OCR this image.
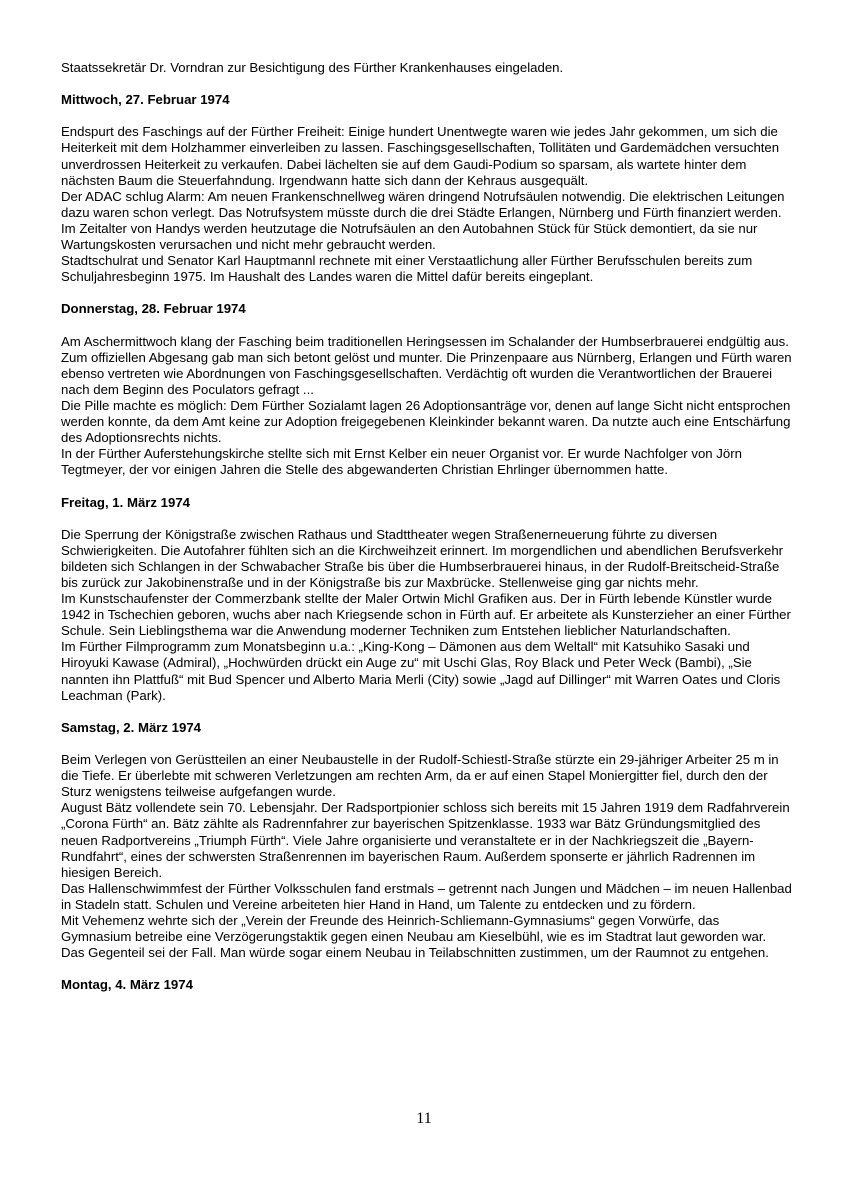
Staatssekretär Dr. Vorndran zur Besichtigung des Fürther Krankenhauses eingeladen.

Mittwoch, 27. Februar 1974

Endspurt des Faschings auf der Fürther Freiheit: Einige hundert Unentwegte waren wie jedes Jahr gekommen, um sich die Heiterkeit mit dem Holzhammer einverleiben zu lassen. Faschingsgesellschaften, Tollitäten und Gardemädchen versuchten unverdrossen Heiterkeit zu verkaufen. Dabei lächelten sie auf dem Gaudi-Podium so sparsam, als wartete hinter dem nächsten Baum die Steuerfahndung. Irgendwann hatte sich dann der Kehraus ausgequält.

Der ADAC schlug Alarm: Am neuen Frankenschnellweg wären dringend Notrufsäulen notwendig. Die elektrischen Leitungen dazu waren schon verlegt. Das Notrufsystem müsste durch die drei Städte Erlangen, Nürnberg und Fürth finanziert werden. Im Zeitalter von Handys werden heutzutage die Notrufsäulen an den Autobahnen Stück für Stück demontiert, da sie nur Wartungskosten verursachen und nicht mehr gebraucht werden.

Stadtschulrat und Senator Karl Hauptmannl rechnete mit einer Verstaatlichung aller Fürther Berufsschulen bereits zum Schuljahresbeginn 1975. Im Haushalt des Landes waren die Mittel dafür bereits eingeplant.

Donnerstag, 28. Februar 1974

Am Aschermittwoch klang der Fasching beim traditionellen Heringsessen im Schalander der Humbserbrauerei endgültig aus. Zum offiziellen Abgesang gab man sich betont gelöst und munter. Die Prinzenpaare aus Nürnberg, Erlangen und Fürth waren ebenso vertreten wie Abordnungen von Faschingsgesellschaften. Verdächtig oft wurden die Verantwortlichen der Brauerei nach dem Beginn des Poculators gefragt ...

Die Pille machte es möglich: Dem Fürther Sozialamt lagen 26 Adoptionsanträge vor, denen auf lange Sicht nicht entsprochen werden konnte, da dem Amt keine zur Adoption freigegebenen Kleinkinder bekannt waren. Da nutzte auch eine Entschärfung des Adoptionsrechts nichts.

In der Fürther Auferstehungskirche stellte sich mit Ernst Kelber ein neuer Organist vor. Er wurde Nachfolger von Jörn Tegtmeyer, der vor einigen Jahren die Stelle des abgewanderten Christian Ehrlinger übernommen hatte.

Freitag, 1. März 1974

Die Sperrung der Königstraße zwischen Rathaus und Stadttheater wegen Straßenerneuerung führte zu diversen Schwierigkeiten. Die Autofahrer fühlten sich an die Kirchweihzeit erinnert. Im morgendlichen und abendlichen Berufsverkehr bildeten sich Schlangen in der Schwabacher Straße bis über die Humbserbrauerei hinaus, in der Rudolf-Breitscheid-Straße bis zurück zur Jakobinenstraße und in der Königstraße bis zur Maxbrücke. Stellenweise ging gar nichts mehr.

Im Kunstschaufenster der Commerzbank stellte der Maler Ortwin Michl Grafiken aus. Der in Fürth lebende Künstler wurde 1942 in Tschechien geboren, wuchs aber nach Kriegsende schon in Fürth auf. Er arbeitete als Kunsterzieher an einer Fürther Schule. Sein Lieblingsthema war die Anwendung moderner Techniken zum Entstehen lieblicher Naturlandschaften.

Im Fürther Filmprogramm zum Monatsbeginn u.a.: „King-Kong – Dämonen aus dem Weltall“ mit Katsuhiko Sasaki und Hiroyuki Kawase (Admiral), „Hochwürden drückt ein Auge zu“ mit Uschi Glas, Roy Black und Peter Weck (Bambi), „Sie nannten ihn Plattfuß“ mit Bud Spencer und Alberto Maria Merli (City) sowie „Jagd auf Dillinger“ mit Warren Oates und Cloris Leachman (Park).

Samstag, 2. März 1974

Beim Verlegen von Gerüstteilen an einer Neubaustelle in der Rudolf-Schiestl-Straße stürzte ein 29-jähriger Arbeiter 25 m in die Tiefe. Er überlebte mit schweren Verletzungen am rechten Arm, da er auf einen Stapel Moniergitter fiel, durch den der Sturz wenigstens teilweise aufgefangen wurde.

August Bätz vollendete sein 70. Lebensjahr. Der Radsportpionier schloss sich bereits mit 15 Jahren 1919 dem Radfahrverein „Corona Fürth“ an. Bätz zählte als Radrennfahrer zur bayerischen Spitzenklasse. 1933 war Bätz Gründungsmitglied des neuen Radportvereins „Triumph Fürth“. Viele Jahre organisierte und veranstaltete er in der Nachkriegszeit die „Bayern-Rundfahrt“, eines der schwersten Straßenrennen im bayerischen Raum. Außerdem sponserte er jährlich Radrennen im hiesigen Bereich.

Das Hallenschwimmfest der Fürther Volksschulen fand erstmals – getrennt nach Jungen und Mädchen – im neuen Hallenbad in Stadeln statt. Schulen und Vereine arbeiteten hier Hand in Hand, um Talente zu entdecken und zu fördern.

Mit Vehemenz wehrte sich der „Verein der Freunde des Heinrich-Schliemann-Gymnasiums“ gegen Vorwürfe, das Gymnasium betreibe eine Verzögerungstaktik gegen einen Neubau am Kieselbühl, wie es im Stadtrat laut geworden war. Das Gegenteil sei der Fall. Man würde sogar einem Neubau in Teilabschnitten zustimmen, um der Raumnot zu entgehen.

Montag, 4. März 1974

11
